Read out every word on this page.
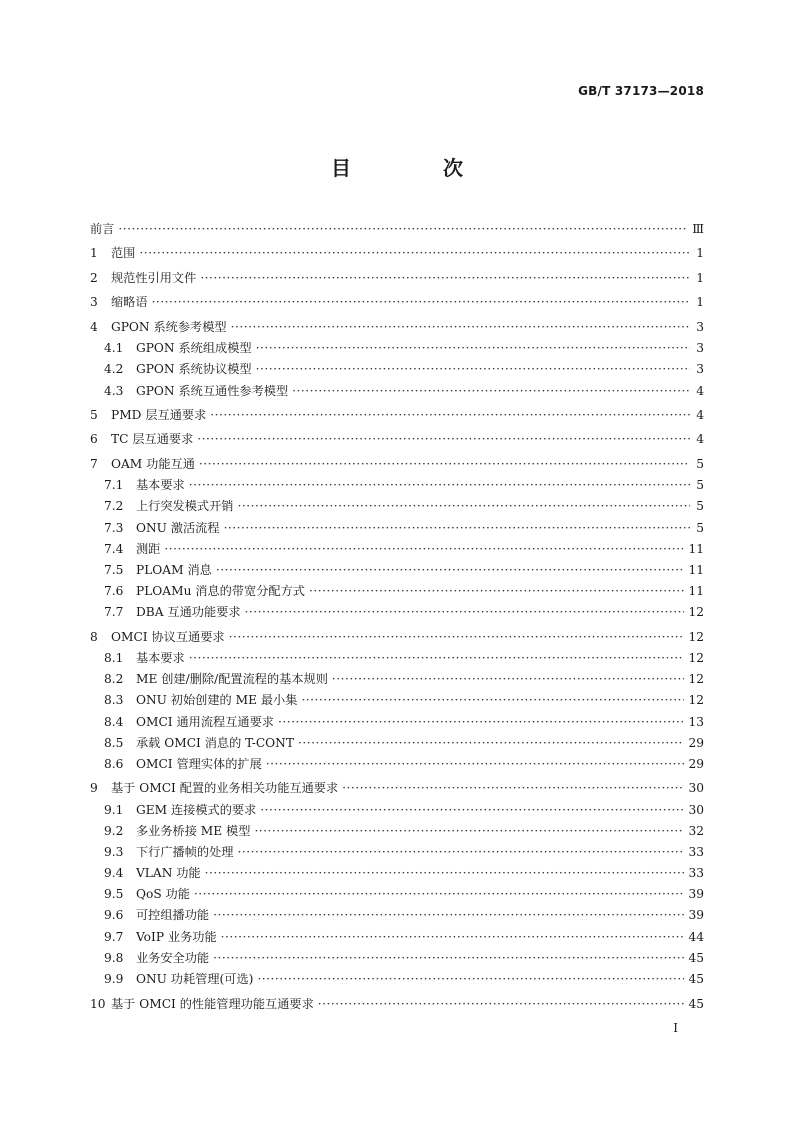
GB/T 37173—2018
目　次
前言 ·····	Ⅲ
1	范围 ·····	1
2	规范性引用文件 ·····	1
3	缩略语 ·····	1
4	GPON 系统参考模型 ·····	3
4.1	GPON 系统组成模型 ·····	3
4.2	GPON 系统协议模型 ·····	3
4.3	GPON 系统互通性参考模型 ·····	4
5	PMD 层互通要求 ·····	4
6	TC 层互通要求 ·····	4
7	OAM 功能互通 ·····	5
7.1	基本要求 ·····	5
7.2	上行突发模式开销 ·····	5
7.3	ONU 激活流程 ·····	5
7.4	测距 ·····	11
7.5	PLOAM 消息 ·····	11
7.6	PLOAMu 消息的带宽分配方式 ·····	11
7.7	DBA 互通功能要求 ·····	12
8	OMCI 协议互通要求 ·····	12
8.1	基本要求 ·····	12
8.2	ME 创建/删除/配置流程的基本规则 ·····	12
8.3	ONU 初始创建的 ME 最小集 ·····	12
8.4	OMCI 通用流程互通要求 ·····	13
8.5	承载 OMCI 消息的 T-CONT ·····	29
8.6	OMCI 管理实体的扩展 ·····	29
9	基于 OMCI 配置的业务相关功能互通要求 ·····	30
9.1	GEM 连接模式的要求 ·····	30
9.2	多业务桥接 ME 模型 ·····	32
9.3	下行广播帧的处理 ·····	33
9.4	VLAN 功能 ·····	33
9.5	QoS 功能 ·····	39
9.6	可控组播功能 ·····	39
9.7	VoIP 业务功能 ·····	44
9.8	业务安全功能 ·····	45
9.9	ONU 功耗管理(可选) ·····	45
10 基于 OMCI 的性能管理功能互通要求 ·····	45
Ⅰ
